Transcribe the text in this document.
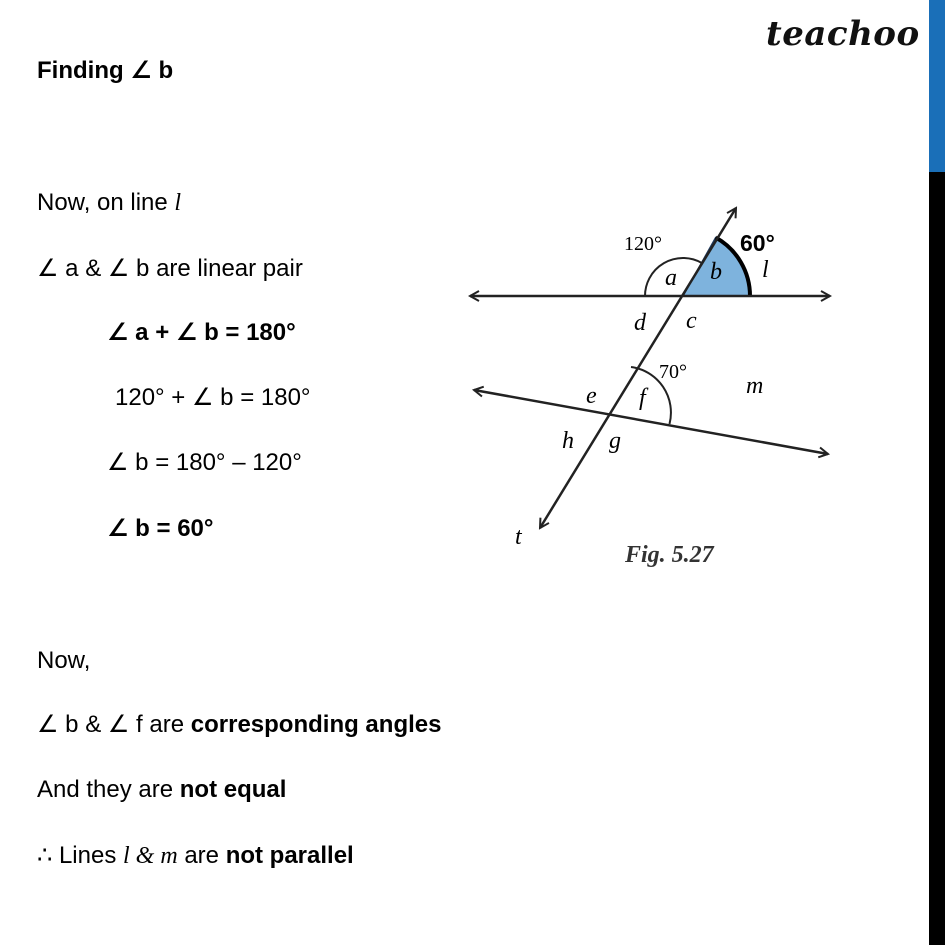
teachoo
Finding ∠ b
Now, on line l
∠ a & ∠ b are linear pair
∠ a + ∠ b = 180°
120° + ∠ b = 180°
∠ b = 180° – 120°
∠ b = 60°
Now,
∠ b & ∠ f are corresponding angles
And they are not equal
∴ Lines l & m are not parallel
120°	60°
70°
a b l
d c
e f	m
h g
t
Fig. 5.27
